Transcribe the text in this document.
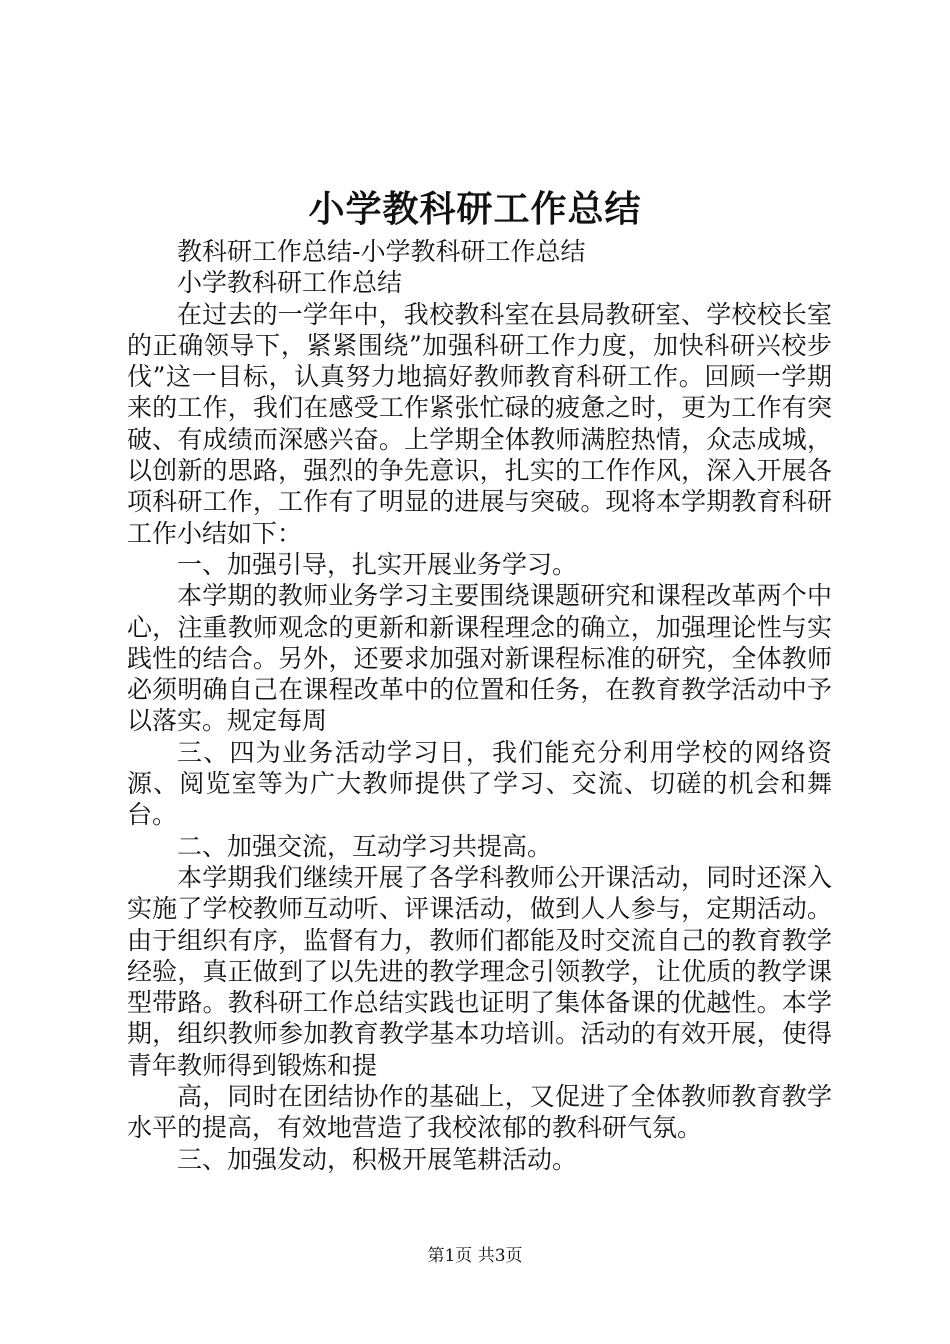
小学教科研工作总结

教科研工作总结-小学教科研工作总结

小学教科研工作总结

在过去的一学年中，我校教科室在县局教研室、学校校长室的正确领导下，紧紧围绕”加强科研工作力度，加快科研兴校步伐”这一目标，认真努力地搞好教师教育科研工作。回顾一学期来的工作，我们在感受工作紧张忙碌的疲惫之时，更为工作有突破、有成绩而深感兴奋。上学期全体教师满腔热情，众志成城，以创新的思路，强烈的争先意识，扎实的工作作风，深入开展各项科研工作，工作有了明显的进展与突破。现将本学期教育科研工作小结如下：

一、加强引导，扎实开展业务学习。

本学期的教师业务学习主要围绕课题研究和课程改革两个中心，注重教师观念的更新和新课程理念的确立，加强理论性与实践性的结合。另外，还要求加强对新课程标准的研究，全体教师必须明确自己在课程改革中的位置和任务，在教育教学活动中予以落实。规定每周

三、四为业务活动学习日，我们能充分利用学校的网络资源、阅览室等为广大教师提供了学习、交流、切磋的机会和舞台。

二、加强交流，互动学习共提高。

本学期我们继续开展了各学科教师公开课活动，同时还深入实施了学校教师互动听、评课活动，做到人人参与，定期活动。由于组织有序，监督有力，教师们都能及时交流自己的教育教学经验，真正做到了以先进的教学理念引领教学，让优质的教学课型带路。教科研工作总结实践也证明了集体备课的优越性。本学期，组织教师参加教育教学基本功培训。活动的有效开展，使得青年教师得到锻炼和提

高，同时在团结协作的基础上，又促进了全体教师教育教学水平的提高，有效地营造了我校浓郁的教科研气氛。

三、加强发动，积极开展笔耕活动。

第1页 共3页
